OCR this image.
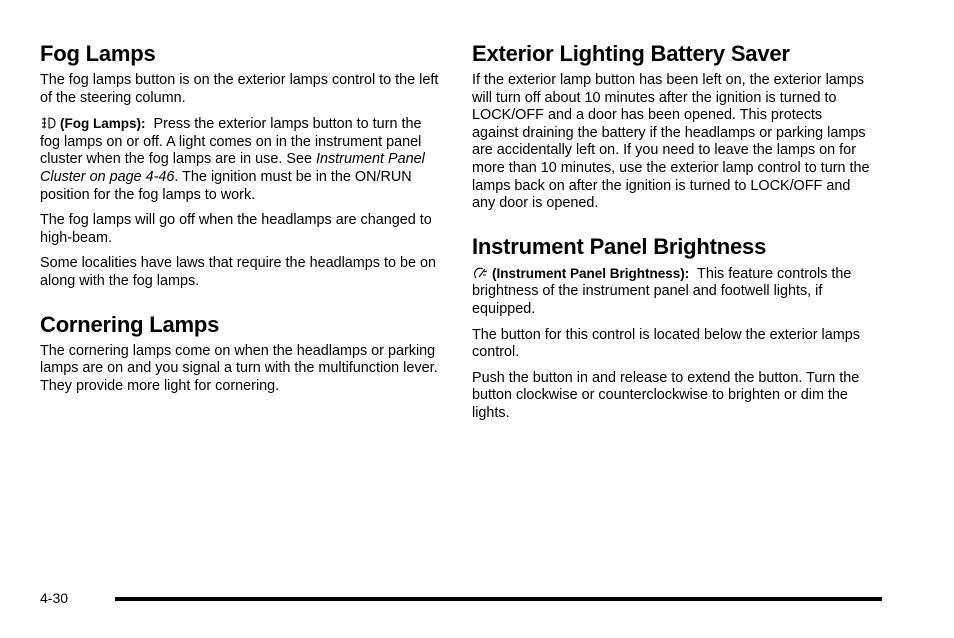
Fog Lamps

The fog lamps button is on the exterior lamps control to the left of the steering column.

(Fog Lamps): Press the exterior lamps button to turn the fog lamps on or off. A light comes on in the instrument panel cluster when the fog lamps are in use. See Instrument Panel Cluster on page 4-46. The ignition must be in the ON/RUN position for the fog lamps to work.

The fog lamps will go off when the headlamps are changed to high-beam.

Some localities have laws that require the headlamps to be on along with the fog lamps.

Cornering Lamps

The cornering lamps come on when the headlamps or parking lamps are on and you signal a turn with the multifunction lever. They provide more light for cornering.

Exterior Lighting Battery Saver

If the exterior lamp button has been left on, the exterior lamps will turn off about 10 minutes after the ignition is turned to LOCK/OFF and a door has been opened. This protects against draining the battery if the headlamps or parking lamps are accidentally left on. If you need to leave the lamps on for more than 10 minutes, use the exterior lamp control to turn the lamps back on after the ignition is turned to LOCK/OFF and any door is opened.

Instrument Panel Brightness

(Instrument Panel Brightness): This feature controls the brightness of the instrument panel and footwell lights, if equipped.

The button for this control is located below the exterior lamps control.

Push the button in and release to extend the button. Turn the button clockwise or counterclockwise to brighten or dim the lights.

4-30
